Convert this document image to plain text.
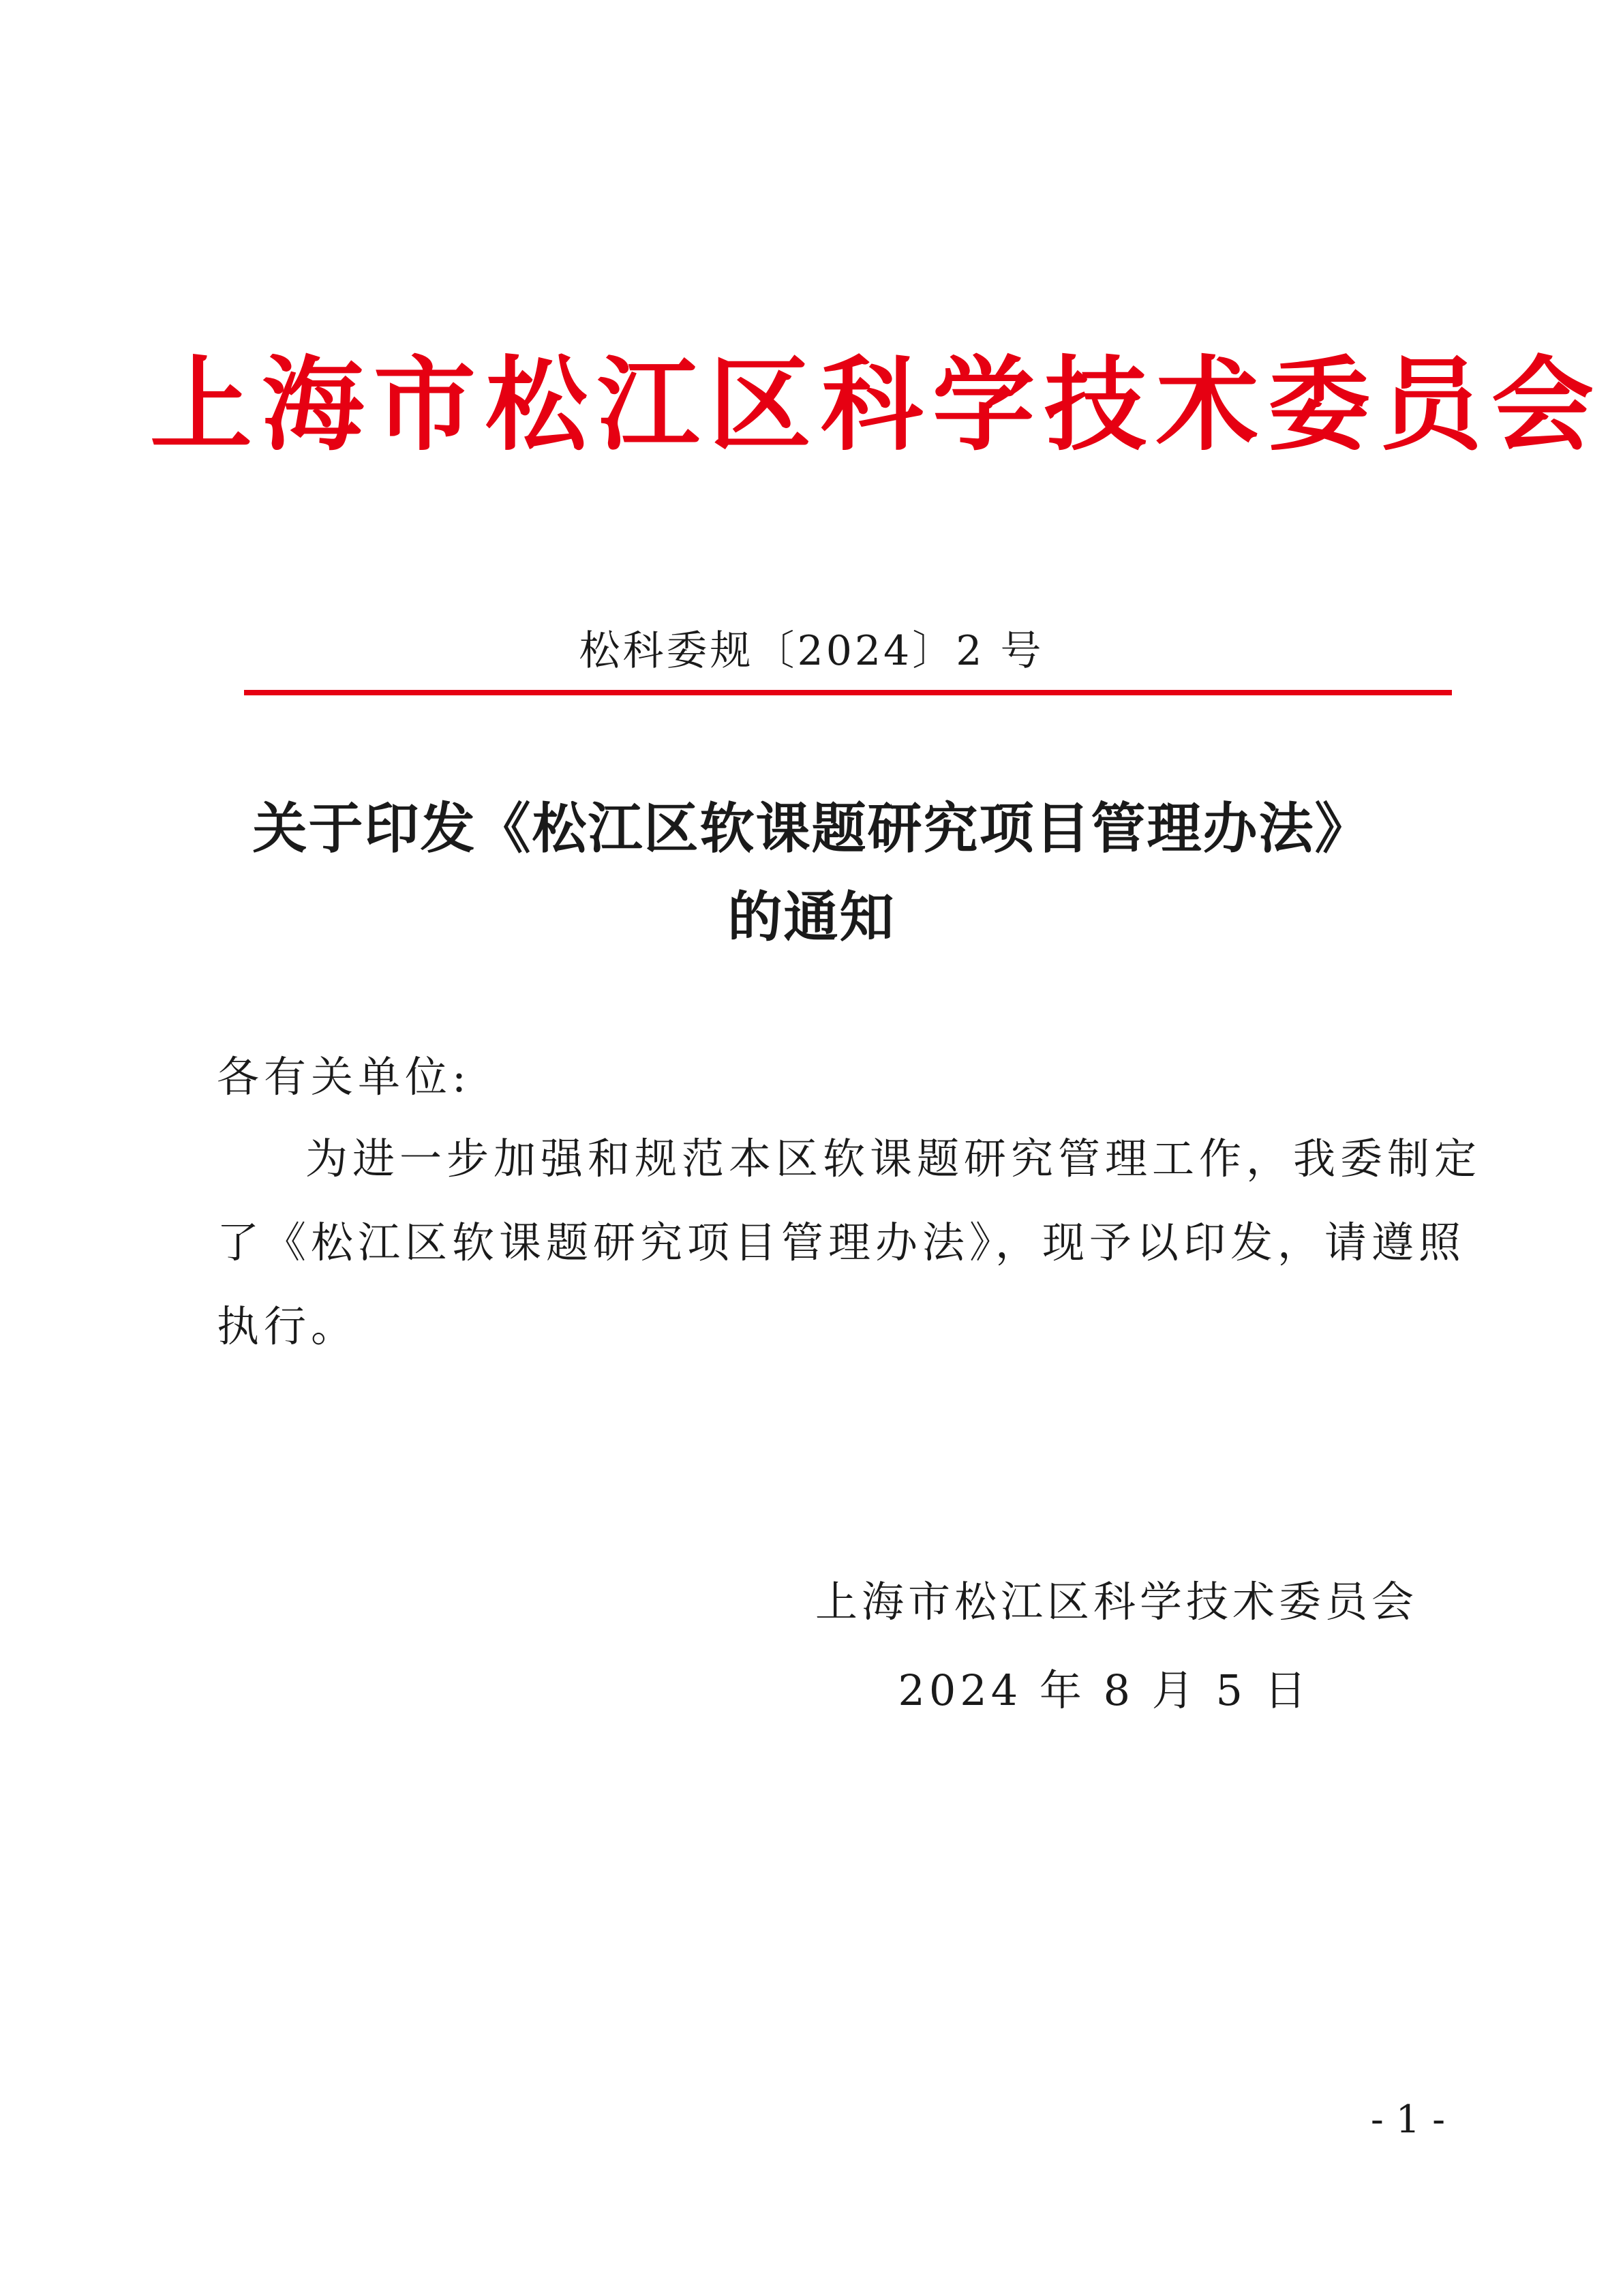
上海市松江区科学技术委员会
松科委规〔2024〕2 号
关于印发《松江区软课题研究项目管理办法》
的通知
各有关单位:
为进一步加强和规范本区软课题研究管理工作，我委制定
了《松江区软课题研究项目管理办法》，现予以印发，请遵照
执行。
上海市松江区科学技术委员会
2024 年 8 月 5 日
- 1 -
